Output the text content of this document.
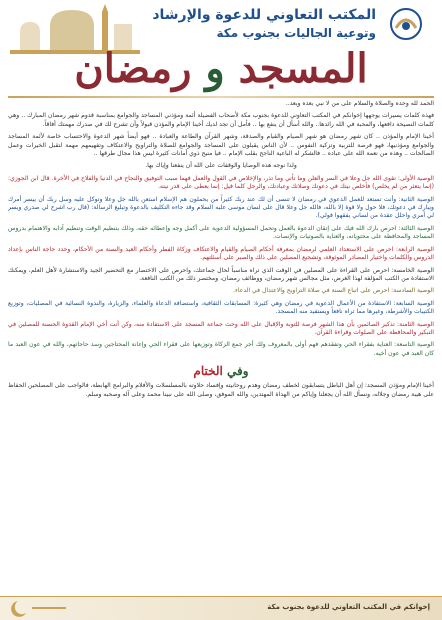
المكتب التعاوني للدعوة والإرشاد
وتوعية الجاليات بجنوب مكة
المسجد و رمضان

الحمد لله وحده والصلاة والسلام على من لا نبي بعده وبعد..

فهذه كلمات يسيرات يوجهها إخوانكم في المكتب التعاوني للدعوة بجنوب مكة لأصحاب الفضيلة أئمة ومؤذني المساجد والجوامع بمناسبة قدوم شهر رمضان المبارك .. وهي كلمات النصيحة دافعها، والمحبة في الله رائدها.. والله أسأل أن ينفع بها .. فأمل أن تجد لديك أخينا الإمام والمؤذن قبولاً وأن تشرح لك في صدرك مهمتك أفاقاً.

أخينا الإمام والمؤذن .. كان شهر رمضان هو شهر الصيام والقيام والصدقة، وشهر القرآن والطاعة والعبادة .. فهو أيضاً شهر الدعوة والاحتساب خاصة لأئمة المساجد والجوامع ومؤذنيها، فهو فرصة للتربية وتزكية النفوس .. لأن الناس يقبلون على المساجد والجوامع للصلاة والتراويح والاعتكاف وتفهيمهم مهمة لتقبل الخيرات وعمل الصالحات .. وهذه من نعمة الله على عباده .. فالشكر له الباعية الناجح بقلب الإمام .. فيا منيح ذوي أمانات كثيرة ليس هذا مجال طرقها ..

ولذا نوجه هذه الوصايا والوقفات على الله أن ينفعنا وإياك بها.

الوصية الأولى: تقوى الله جل وعلا في السر والعلن وما تأتي وما تذر، والإخلاص في القول والعمل فهما سبب التوفيق والنجاح في الدنيا والفلاح في الأخرة. قال ابن الجوزي: (إنما يتعثر من لم يخلص) فأخلص نيتك في دعوتك وصلاتك وعبادتك، والرجل كلما قيل: إنما يعطى على قدر نيته.

الوصية الثانية: وأنت تستعد للعمل الدعوي في رمضان لا تنسى أن لك عند ربك كثيراً من يحملون هم الإسلام استعن بالله جل وعلا وتوكل عليه وسل ربك أن ييسر أمرك ويبارك في دعوتك، فلا حول ولا قوة إلا بالله، فالله جل وعلا قال على لسان موسى عليه السلام وقد جاءه التكليف بالدعوة وتبليغ الرسالة: (قال رب اشرح لي صدري ويسر لي أمري واحلل عقدة من لساني يفقهوا قولي).

الوصية الثالثة: احرص بارك الله فيك على إتقان الدعوة بالعمل وتحمل المسؤولية الدعوية على أكمل وجه وإعطائه حقه، وذلك بتنظيم الوقت وتنظيم آدابه والاهتمام بدروس المساجد والمحافظة على محتوياته، والعناية بالصوتيات والإنصات.

الوصية الرابعة: احرص على الاستعداد العلمي لرمضان بمعرفة أحكام الصيام والقيام والاعتكاف وزكاة الفطر وأحكام العيد والسنة من الأحكام، وحدد حاجة الناس بإعداد الدروس والكلمات واختيار المصادر الموثوقة، وتشجيع المصلين على ذلك والصبر على أسئلتهم.

الوصية الخامسة: احرص على القراءة على المصلين في الوقت الذي تراه مناسباً لحال جماعتك، واحرص على الاختصار مع التحضير الجيد والاستشارة لأهل العلم، ويمكنك الاستفادة من الكتب المؤلفة لهذا الغرض، مثل مجالس شهر رمضان، ووظائف رمضان، ومختصر ذلك من الكتب النافعة.

الوصية السادسة: احرص على اتباع السنة في صلاة التراويح والاعتدال في الدعاء.

الوصية السابعة: الاستفادة من الأعمال الدعوية في رمضان وهي كثيرة: المسابقات الثقافية، واستضافة الدعاة والعلماء، والزيارة، والندوة النسائية في المصليات، وتوزيع الكتيبات والأشرطة، وغيرها مما تراه نافعاً ويستفيد منه المسجد.

الوصية الثامنة: تذكير الصائمين بأن هذا الشهر فرصة للتوبة والإقبال على الله وحث جماعة المسجد على الاستفادة منه، وكن أنت أخي الإمام القدوة الحسنة للمصلين في التبكير والمحافظة على الصلوات وقراءة القرآن.

الوصية التاسعة: العناية بفقراء الحي وتفقدهم فهم أولى بالمعروف ولك أجر جمع الزكاة وتوزيعها على فقراء الحي وإعانة المحتاجين وسد حاجاتهم، والله في عون العبد ما كان العبد في عون أخيه.

وفي الختام

أخينا الإمام ومؤذن المسجد: إن أهل الباطل يتسابقون لخطف رمضان وهدم روحانيته وإفساد حلاوته بالمسلسلات والأفلام والبرامج الهابطة، فالواجب على المصلحين الحفاظ على هيبة رمضان وجلاله، ونسأل الله أن يجعلنا وإياكم من الهداة المهتدين، والله الموفق، وصلى الله على نبينا محمد وعلى آله وصحبه وسلم.

إخوانكم في المكتب التعاوني للدعوة بجنوب مكة
